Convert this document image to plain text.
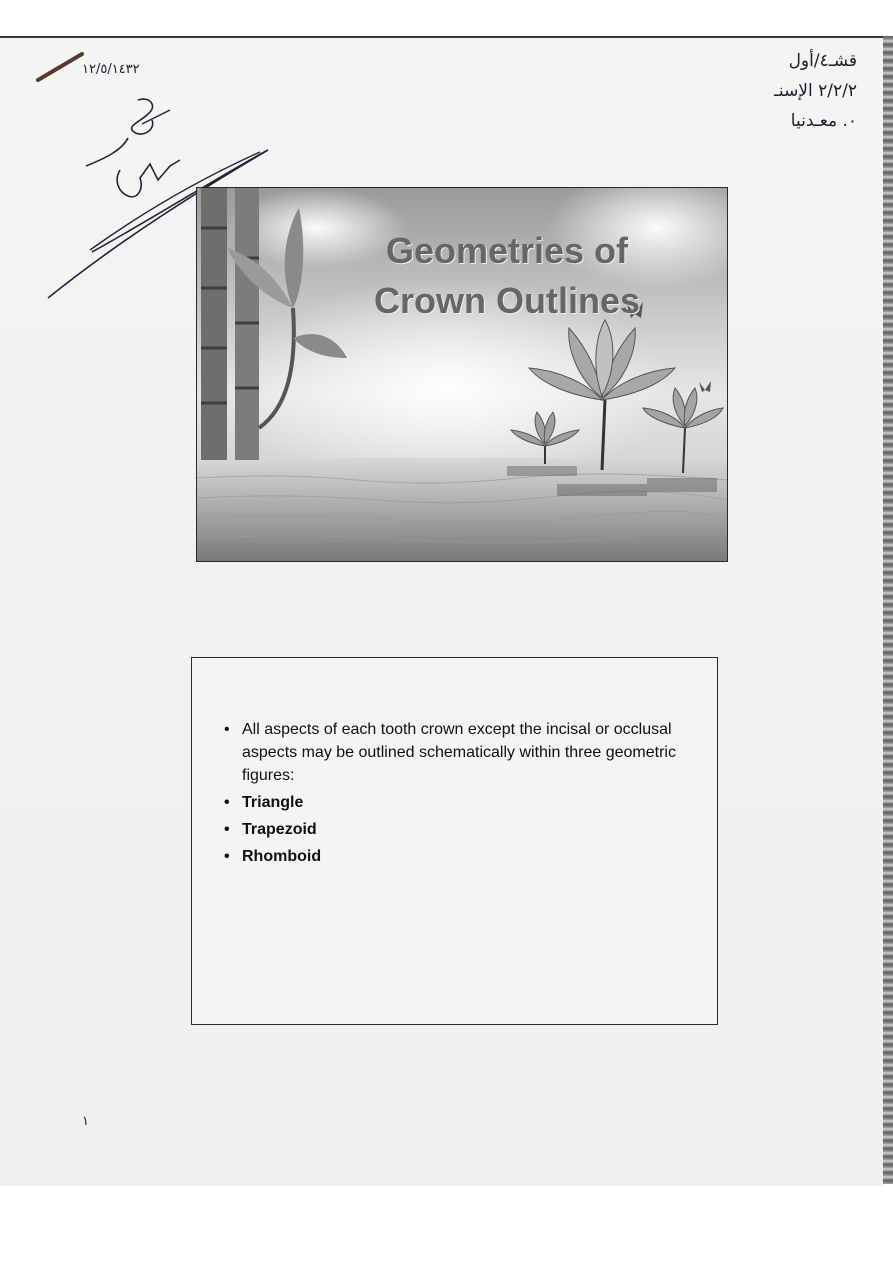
١٢/٥/١٤٣٢	قشـ٤/أول
٢/٢/٢ الإسنـ
٠. معـدنيا
Geometries of
Crown Outlines
• All aspects of each tooth crown except the incisal or occlusal aspects may be outlined schematically within three geometric figures:
• Triangle
• Trapezoid
• Rhomboid
١
